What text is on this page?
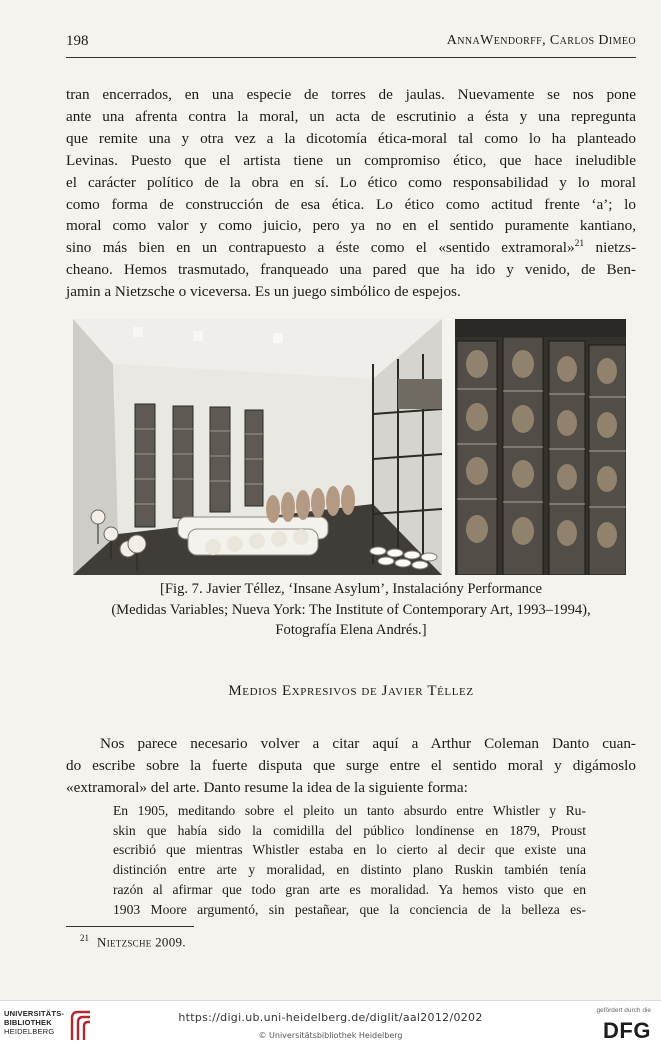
198	AnnaWendorff, Carlos Dimeo
tran encerrados, en una especie de torres de jaulas. Nuevamente se nos pone
ante una afrenta contra la moral, un acta de escrutinio a ésta y una repregunta
que remite una y otra vez a la dicotomía ética-moral tal como lo ha planteado
Levinas. Puesto que el artista tiene un compromiso ético, que hace ineludible
el carácter político de la obra en sí. Lo ético como responsabilidad y lo moral
como forma de construcción de esa ética. Lo ético como actitud frente ‘a’; lo
moral como valor y como juicio, pero ya no en el sentido puramente kantiano,
sino más bien en un contrapuesto a éste como el «sentido extramoral»$^{21}$ nietzs-
cheano. Hemos trasmutado, franqueado una pared que ha ido y venido, de Ben-
jamin a Nietzsche o viceversa. Es un juego simbólico de espejos.
[Fig. 7. Javier Téllez, ‘Insane Asylum’, Instalacióny Performance
(Medidas Variables; Nueva York: The Institute of Contemporary Art, 1993–1994),
Fotografía Elena Andrés.]
Medios Expresivos de Javier Téllez
Nos parece necesario volver a citar aquí a Arthur Coleman Danto cuan-
do escribe sobre la fuerte disputa que surge entre el sentido moral y digámoslo
«extramoral» del arte. Danto resume la idea de la siguiente forma:
En 1905, meditando sobre el pleito un tanto absurdo entre Whistler y Ru-
skin que había sido la comidilla del público londinense en 1879, Proust
escribió que mientras Whistler estaba en lo cierto al decir que existe una
distinción entre arte y moralidad, en distinto plano Ruskin también tenía
razón al afirmar que todo gran arte es moralidad. Ya hemos visto que en
1903 Moore argumentó, sin pestañear, que la conciencia de la belleza es-
$^{21}$ Nietzsche 2009.
UNIVERSITÄTS-
BIBLIOTHEK
HEIDELBERG
https://digi.ub.uni-heidelberg.de/diglit/aal2012/0202
© Universitätsbibliothek Heidelberg
gefördert durch die
DFG
